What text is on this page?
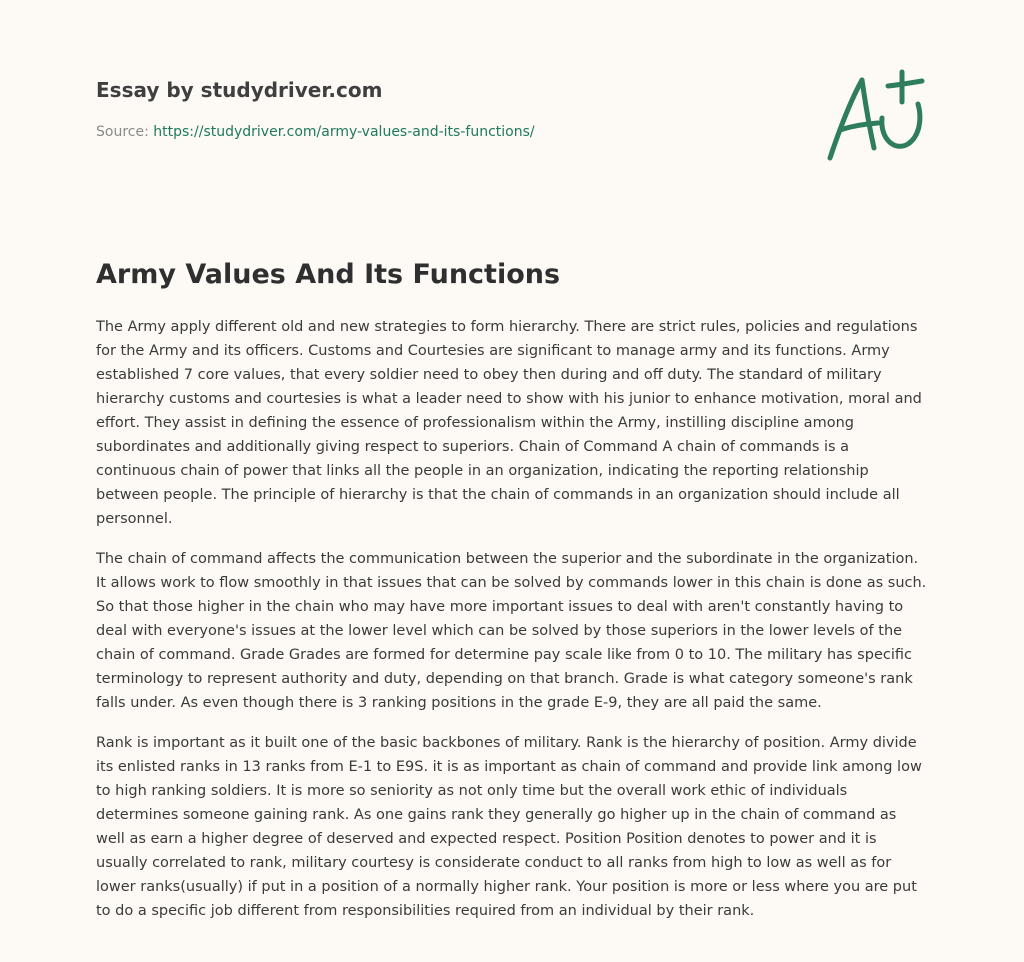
Essay by studydriver.com
Source: https://studydriver.com/army-values-and-its-functions/
Army Values And Its Functions

The Army apply different old and new strategies to form hierarchy. There are strict rules, policies and regulations for the Army and its officers. Customs and Courtesies are significant to manage army and its functions. Army established 7 core values, that every soldier need to obey then during and off duty. The standard of military hierarchy customs and courtesies is what a leader need to show with his junior to enhance motivation, moral and effort. They assist in defining the essence of professionalism within the Army, instilling discipline among subordinates and additionally giving respect to superiors. Chain of Command A chain of commands is a continuous chain of power that links all the people in an organization, indicating the reporting relationship between people. The principle of hierarchy is that the chain of commands in an organization should include all personnel.

The chain of command affects the communication between the superior and the subordinate in the organization. It allows work to flow smoothly in that issues that can be solved by commands lower in this chain is done as such. So that those higher in the chain who may have more important issues to deal with aren't constantly having to deal with everyone's issues at the lower level which can be solved by those superiors in the lower levels of the chain of command. Grade Grades are formed for determine pay scale like from 0 to 10. The military has specific terminology to represent authority and duty, depending on that branch. Grade is what category someone's rank falls under. As even though there is 3 ranking positions in the grade E-9, they are all paid the same.

Rank is important as it built one of the basic backbones of military. Rank is the hierarchy of position. Army divide its enlisted ranks in 13 ranks from E-1 to E9S. it is as important as chain of command and provide link among low to high ranking soldiers. It is more so seniority as not only time but the overall work ethic of individuals determines someone gaining rank. As one gains rank they generally go higher up in the chain of command as well as earn a higher degree of deserved and expected respect. Position Position denotes to power and it is usually correlated to rank, military courtesy is considerate conduct to all ranks from high to low as well as for lower ranks(usually) if put in a position of a normally higher rank. Your position is more or less where you are put to do a specific job different from responsibilities required from an individual by their rank.
